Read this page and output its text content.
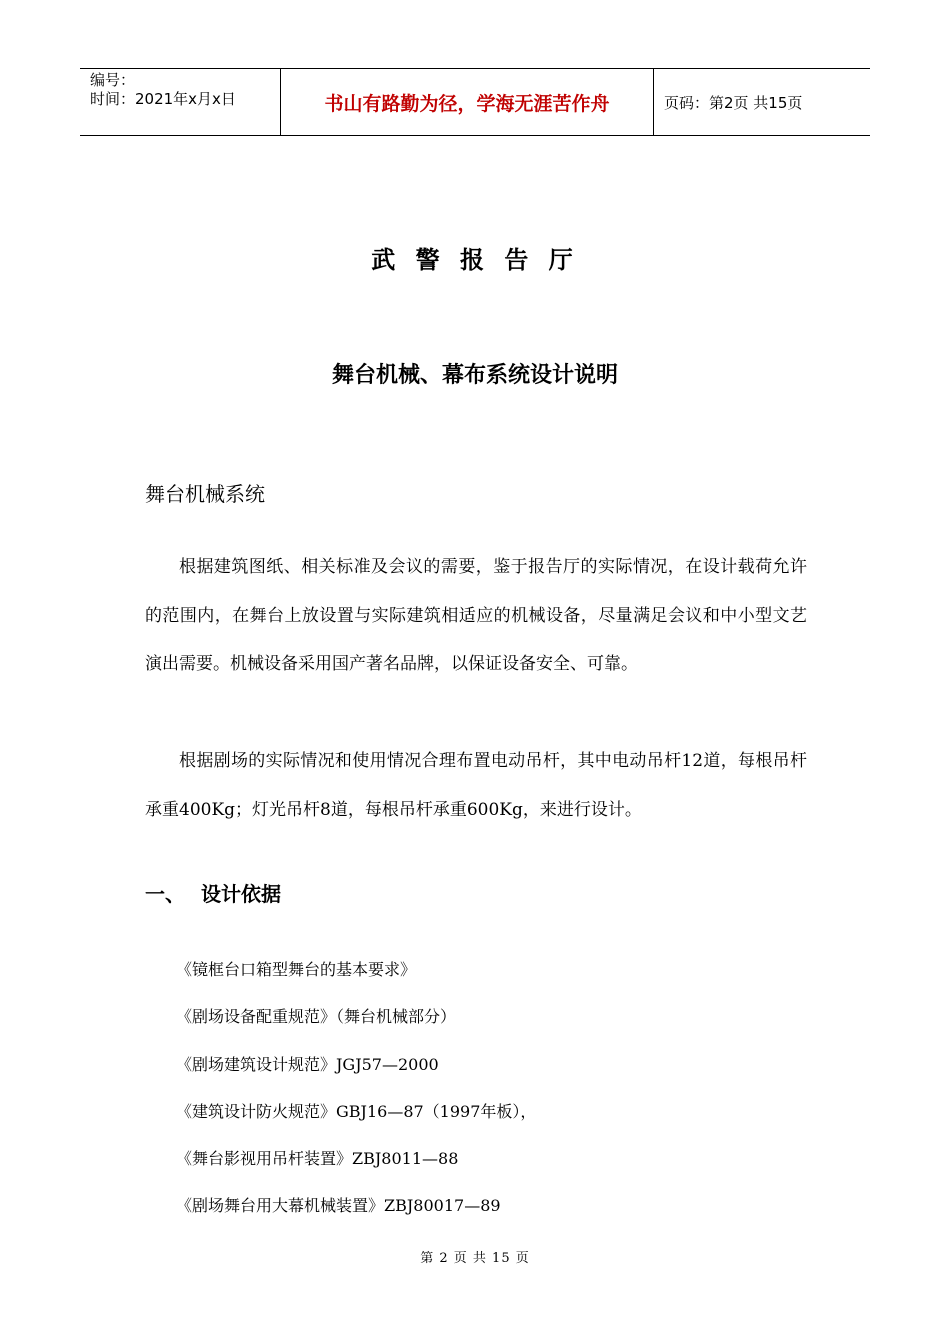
编号：
时间：2021年x月x日	书山有路勤为径，学海无涯苦作舟	页码：第2页 共15页
武 警 报 告 厅
舞台机械、幕布系统设计说明
舞台机械系统

根据建筑图纸、相关标准及会议的需要，鉴于报告厅的实际情况，在设计载荷允许的范围内，在舞台上放设置与实际建筑相适应的机械设备，尽量满足会议和中小型文艺演出需要。机械设备采用国产著名品牌，以保证设备安全、可靠。

根据剧场的实际情况和使用情况合理布置电动吊杆，其中电动吊杆12道，每根吊杆承重400Kg；灯光吊杆8道，每根吊杆承重600Kg，来进行设计。

一、 设计依据
《镜框台口箱型舞台的基本要求》
《剧场设备配重规范》（舞台机械部分）
《剧场建筑设计规范》JGJ57—2000
《建筑设计防火规范》GBJ16—87（1997年板），
《舞台影视用吊杆装置》ZBJ8011—88
《剧场舞台用大幕机械装置》ZBJ80017—89
第 2 页 共 15 页
